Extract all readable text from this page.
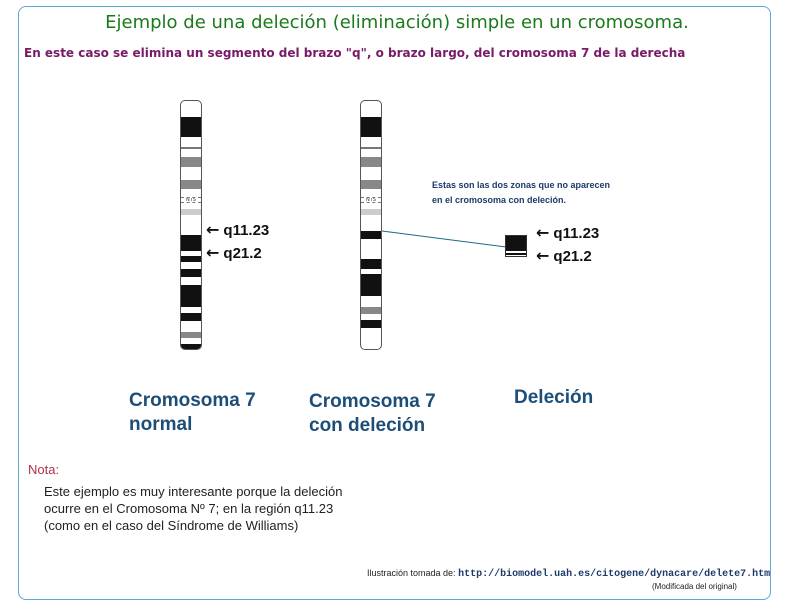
Ejemplo de una deleción (eliminación) simple en un cromosoma.
En este caso se elimina un segmento del brazo "q", o brazo largo, del cromosoma 7 de la derecha
NTS	NTS
← q11.23
← q21.2
← q11.23
← q21.2
Estas son las dos zonas que no aparecen
en el cromosoma con deleción.
Cromosoma 7
normal
Cromosoma 7
con deleción
Deleción
Nota:
Este ejemplo es muy interesante porque la deleción
ocurre en el Cromosoma Nº 7; en la región q11.23
(como en el caso del Síndrome de Williams)
Ilustración tomada de: http://biomodel.uah.es/citogene/dynacare/delete7.htm
(Modificada del original)
